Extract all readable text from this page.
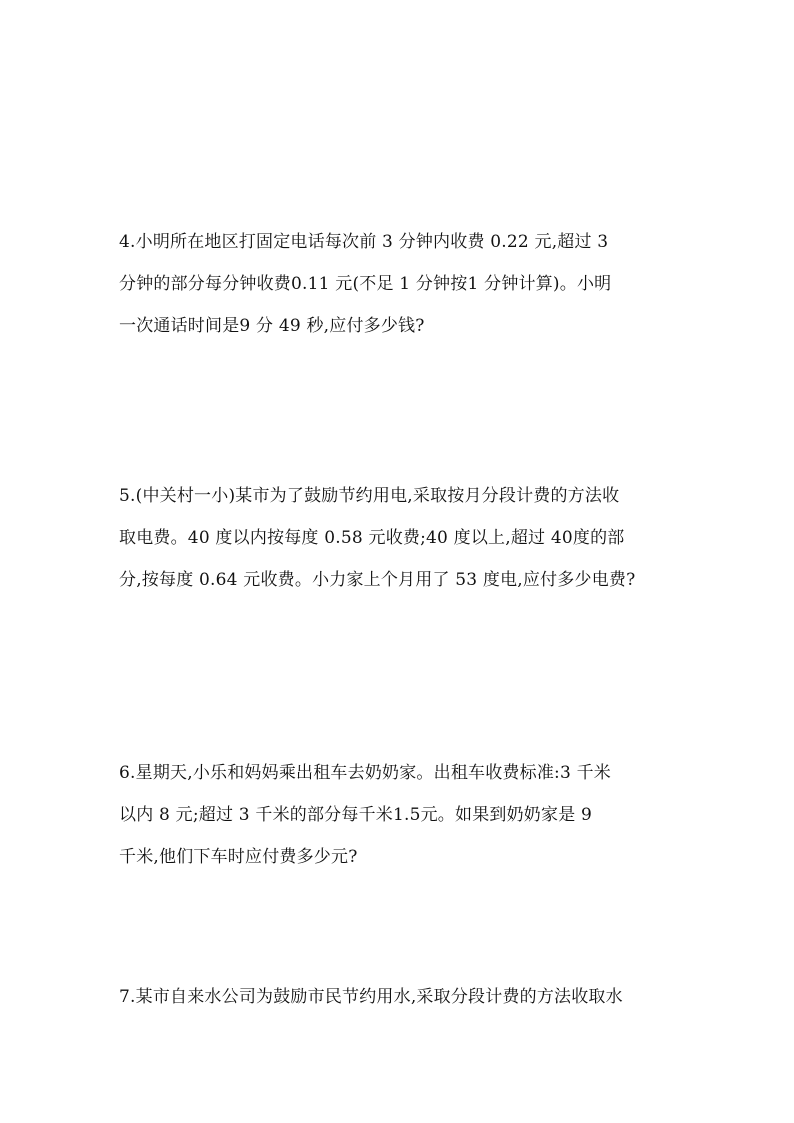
4.小明所在地区打固定电话每次前 3 分钟内收费 0.22 元,超过 3
分钟的部分每分钟收费0.11 元(不足 1 分钟按1 分钟计算)。小明
一次通话时间是9 分 49 秒,应付多少钱?
5.(中关村一小)某市为了鼓励节约用电,采取按月分段计费的方法收
取电费。40 度以内按每度 0.58 元收费;40 度以上,超过 40度的部
分,按每度 0.64 元收费。小力家上个月用了 53 度电,应付多少电费?
6.星期天,小乐和妈妈乘出租车去奶奶家。出租车收费标准:3 千米
以内 8 元;超过 3 千米的部分每千米1.5元。如果到奶奶家是 9
千米,他们下车时应付费多少元?
7.某市自来水公司为鼓励市民节约用水,采取分段计费的方法收取水
